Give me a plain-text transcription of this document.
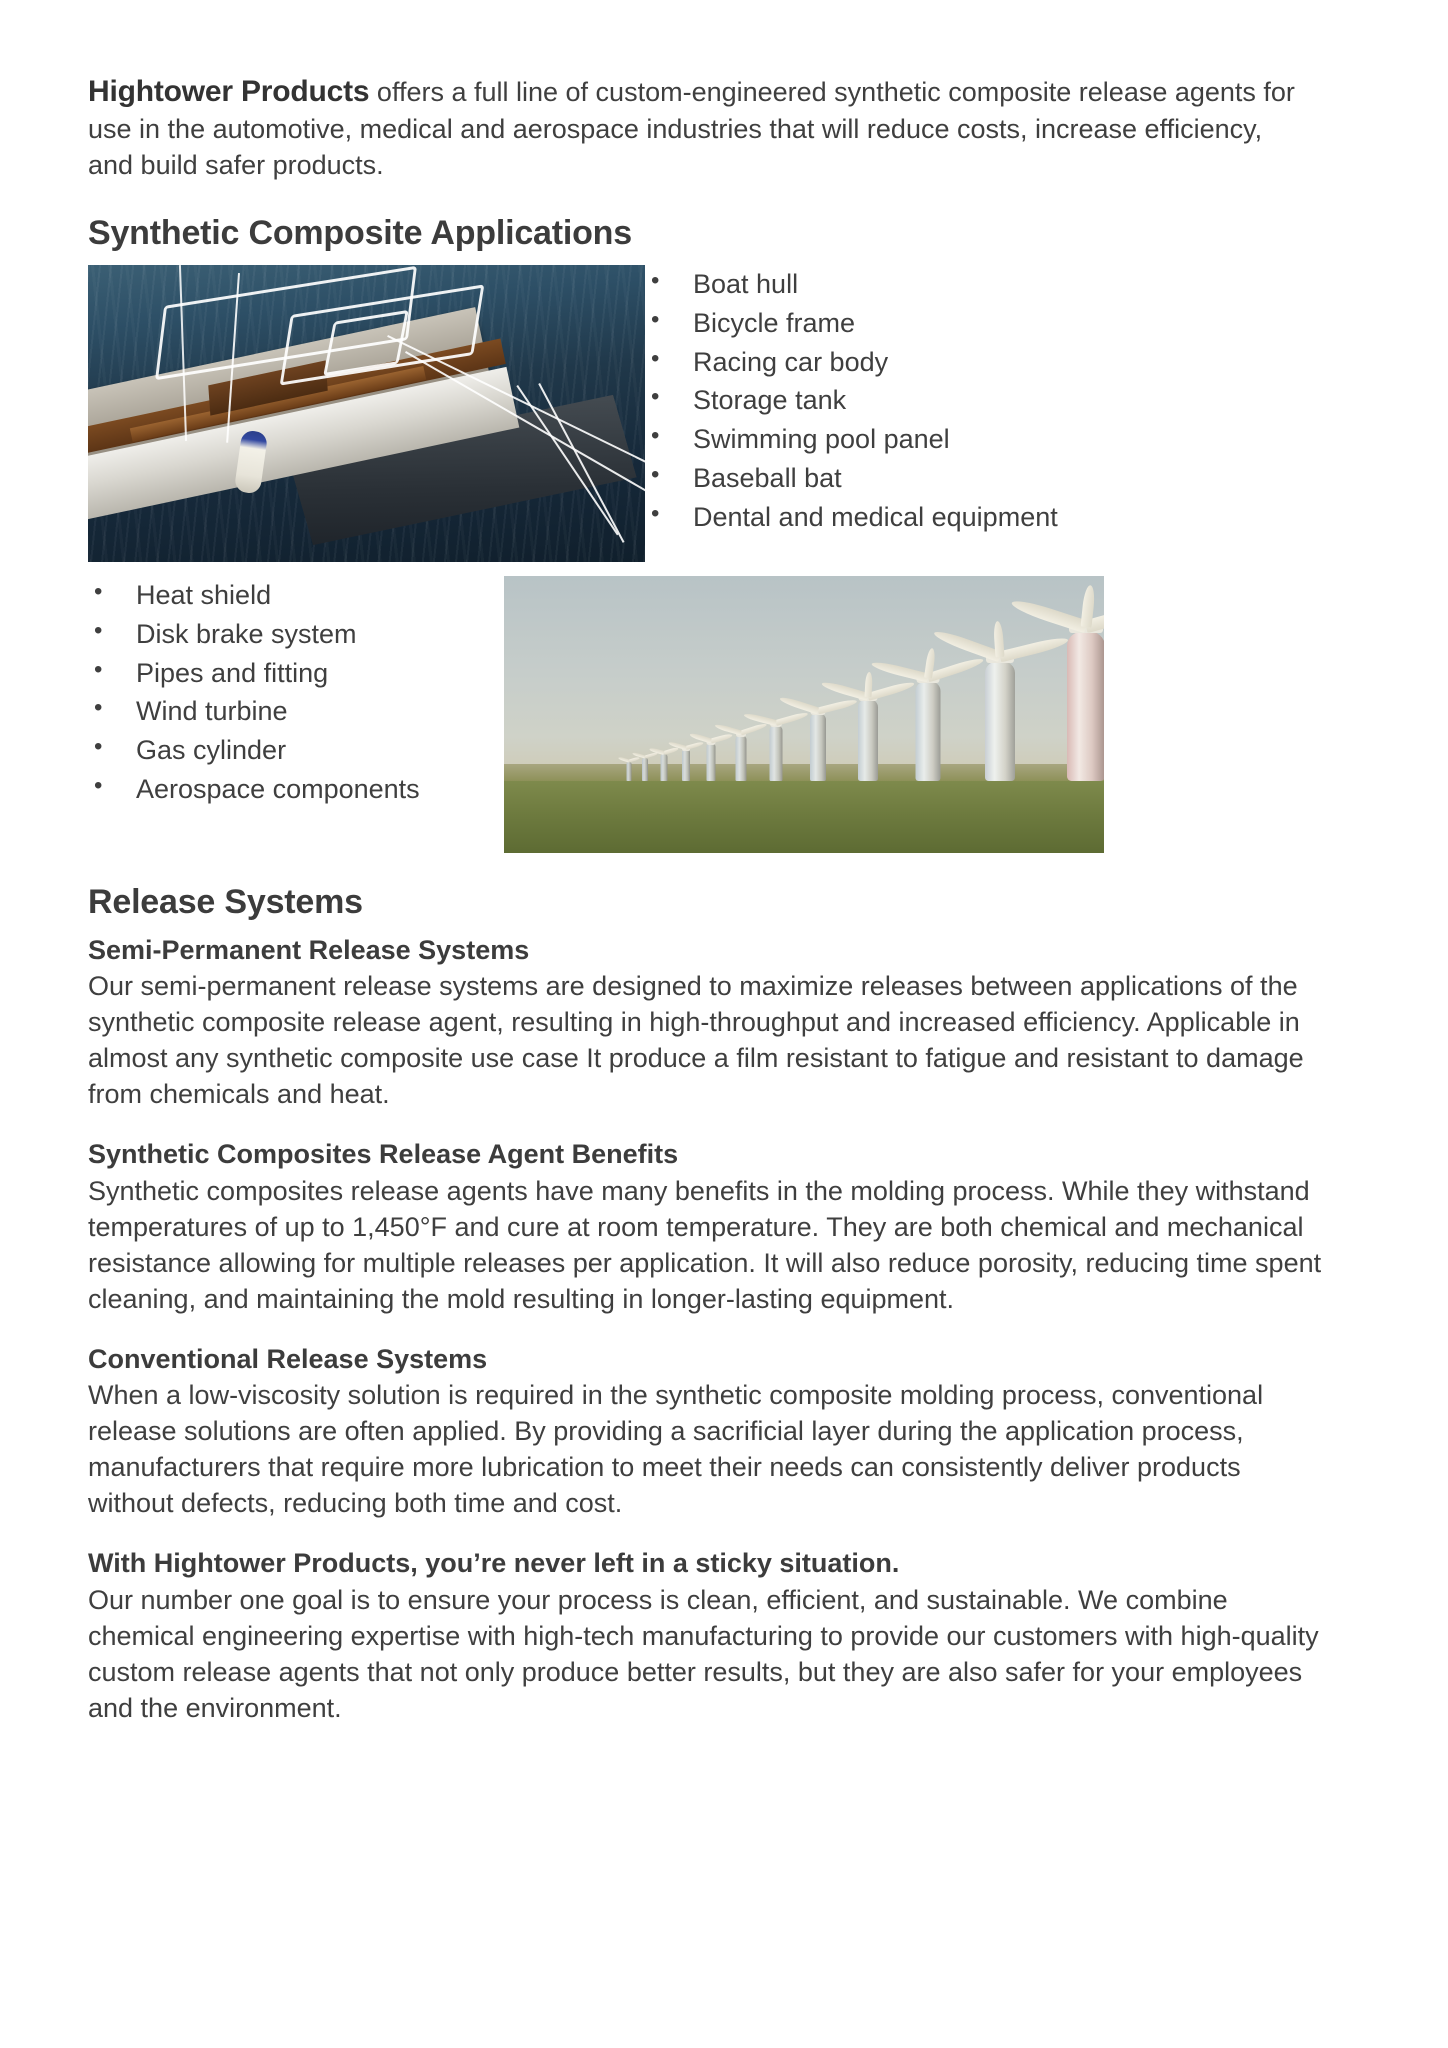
Hightower Products offers a full line of custom-engineered synthetic composite release agents for use in the automotive, medical and aerospace industries that will reduce costs, increase efficiency, and build safer products.

Synthetic Composite Applications
• Boat hull
• Bicycle frame
• Racing car body
• Storage tank
• Swimming pool panel
• Baseball bat
• Dental and medical equipment
• Heat shield
• Disk brake system
• Pipes and fitting
• Wind turbine
• Gas cylinder
• Aerospace components
Release Systems
Semi-Permanent Release Systems

Our semi-permanent release systems are designed to maximize releases between applications of the synthetic composite release agent, resulting in high-throughput and increased efficiency. Applicable in almost any synthetic composite use case It produce a film resistant to fatigue and resistant to damage from chemicals and heat.

Synthetic Composites Release Agent Benefits

Synthetic composites release agents have many benefits in the molding process. While they withstand temperatures of up to 1,450°F and cure at room temperature. They are both chemical and mechanical resistance allowing for multiple releases per application. It will also reduce porosity, reducing time spent cleaning, and maintaining the mold resulting in longer-lasting equipment.

Conventional Release Systems

When a low-viscosity solution is required in the synthetic composite molding process, conventional release solutions are often applied. By providing a sacrificial layer during the application process, manufacturers that require more lubrication to meet their needs can consistently deliver products without defects, reducing both time and cost.

With Hightower Products, you’re never left in a sticky situation.

Our number one goal is to ensure your process is clean, efficient, and sustainable. We combine chemical engineering expertise with high-tech manufacturing to provide our customers with high-quality custom release agents that not only produce better results, but they are also safer for your employees and the environment.
